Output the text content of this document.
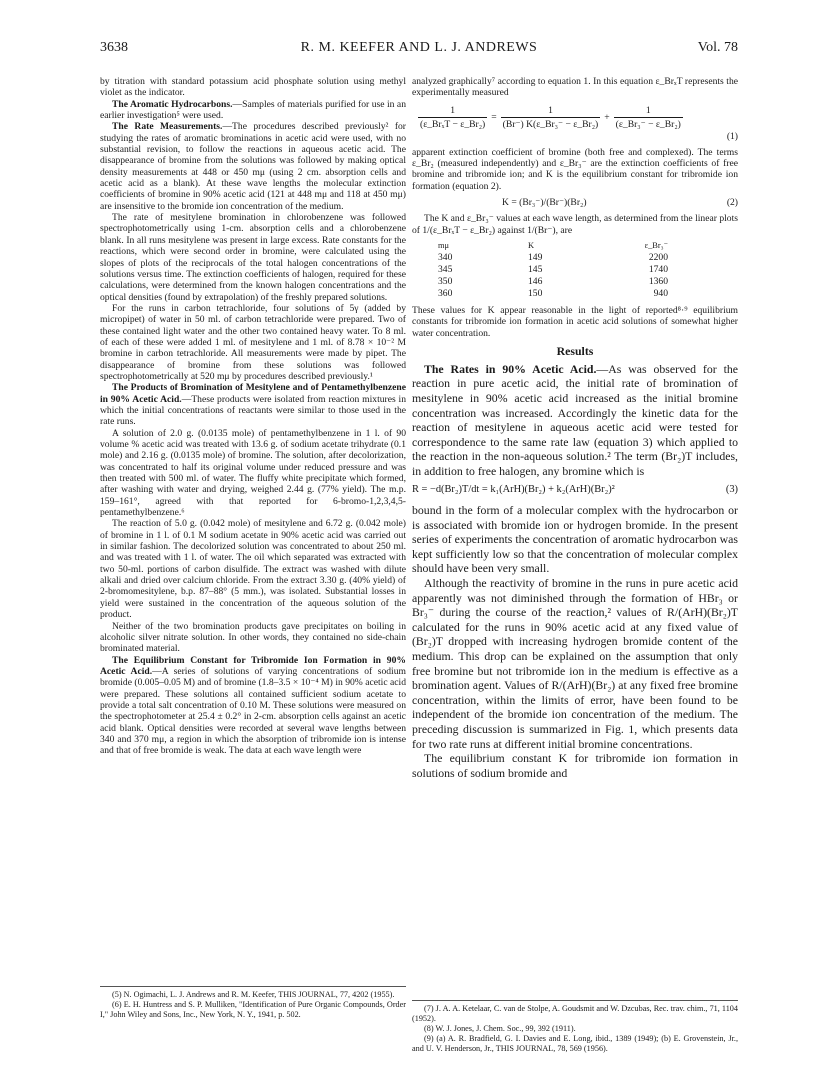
3638	R. M. KEEFER AND L. J. ANDREWS	Vol. 78

by titration with standard potassium acid phosphate solution using methyl violet as the indicator.

The Aromatic Hydrocarbons.—Samples of materials purified for use in an earlier investigation⁵ were used.

The Rate Measurements.—The procedures described previously² for studying the rates of aromatic brominations in acetic acid were used, with no substantial revision, to follow the reactions in aqueous acetic acid. The disappearance of bromine from the solutions was followed by making optical density measurements at 448 or 450 mμ (using 2 cm. absorption cells and acetic acid as a blank). At these wave lengths the molecular extinction coefficients of bromine in 90% acetic acid (121 at 448 mμ and 118 at 450 mμ) are insensitive to the bromide ion concentration of the medium.

The rate of mesitylene bromination in chlorobenzene was followed spectrophotometrically using 1-cm. absorption cells and a chlorobenzene blank. In all runs mesitylene was present in large excess. Rate constants for the reactions, which were second order in bromine, were calculated using the slopes of plots of the reciprocals of the total halogen concentrations of the solutions versus time. The extinction coefficients of halogen, required for these calculations, were determined from the known halogen concentrations and the optical densities (found by extrapolation) of the freshly prepared solutions.

For the runs in carbon tetrachloride, four solutions of 5γ (added by micropipet) of water in 50 ml. of carbon tetrachloride were prepared. Two of these contained light water and the other two contained heavy water. To 8 ml. of each of these were added 1 ml. of mesitylene and 1 ml. of 8.78 × 10⁻² M bromine in carbon tetrachloride. All measurements were made by pipet. The disappearance of bromine from these solutions was followed spectrophotometrically at 520 mμ by procedures described previously.¹

The Products of Bromination of Mesitylene and of Pentamethylbenzene in 90% Acetic Acid.—These products were isolated from reaction mixtures in which the initial concentrations of reactants were similar to those used in the rate runs.

A solution of 2.0 g. (0.0135 mole) of pentamethylbenzene in 1 l. of 90 volume % acetic acid was treated with 13.6 g. of sodium acetate trihydrate (0.1 mole) and 2.16 g. (0.0135 mole) of bromine. The solution, after decolorization, was concentrated to half its original volume under reduced pressure and was then treated with 500 ml. of water. The fluffy white precipitate which formed, after washing with water and drying, weighed 2.44 g. (77% yield). The m.p. 159–161°, agreed with that reported for 6-bromo-1,2,3,4,5-pentamethylbenzene.⁶

The reaction of 5.0 g. (0.042 mole) of mesitylene and 6.72 g. (0.042 mole) of bromine in 1 l. of 0.1 M sodium acetate in 90% acetic acid was carried out in similar fashion. The decolorized solution was concentrated to about 250 ml. and was treated with 1 l. of water. The oil which separated was extracted with two 50-ml. portions of carbon disulfide. The extract was washed with dilute alkali and dried over calcium chloride. From the extract 3.30 g. (40% yield) of 2-bromomesitylene, b.p. 87–88° (5 mm.), was isolated. Substantial losses in yield were sustained in the concentration of the aqueous solution of the product.

Neither of the two bromination products gave precipitates on boiling in alcoholic silver nitrate solution. In other words, they contained no side-chain brominated material.

The Equilibrium Constant for Tribromide Ion Formation in 90% Acetic Acid.—A series of solutions of varying concentrations of sodium bromide (0.005–0.05 M) and of bromine (1.8–3.5 × 10⁻⁴ M) in 90% acetic acid were prepared. These solutions all contained sufficient sodium acetate to provide a total salt concentration of 0.10 M. These solutions were measured on the spectrophotometer at 25.4 ± 0.2° in 2-cm. absorption cells against an acetic acid blank. Optical densities were recorded at several wave lengths between 340 and 370 mμ, a region in which the absorption of tribromide ion is intense and that of free bromide is weak. The data at each wave length were

analyzed graphically⁷ according to equation 1. In this equation ε_BrₓT represents the experimentally measured

$\frac{1}{\text{(ε\_BrₓT − ε\_Br₂)}} = \frac{1}{\text{(Br⁻) K(ε\_Br₃⁻ − ε\_Br₂)}} + \frac{1}{\text{(ε\_Br₃⁻ − ε\_Br₂)}}$
(1)

apparent extinction coefficient of bromine (both free and complexed). The terms ε_Br₂ (measured independently) and ε_Br₃⁻ are the extinction coefficients of free bromine and tribromide ion; and K is the equilibrium constant for tribromide ion formation (equation 2).

K = (Br₃⁻)/(Br⁻)(Br₂)	(2)

The K and ε_Br₃⁻ values at each wave length, as determined from the linear plots of 1/(ε_BrₓT − ε_Br₂) against 1/(Br⁻), are

mμ	K	ε_Br₃⁻
340	149	2200
345	145	1740
350	146	1360
360	150	940

These values for K appear reasonable in the light of reported⁸·⁹ equilibrium constants for tribromide ion formation in acetic acid solutions of somewhat higher water concentration.

Results

The Rates in 90% Acetic Acid.—As was observed for the reaction in pure acetic acid, the initial rate of bromination of mesitylene in 90% acetic acid increased as the initial bromine concentration was increased. Accordingly the kinetic data for the reaction of mesitylene in aqueous acetic acid were tested for correspondence to the same rate law (equation 3) which applied to the reaction in the non-aqueous solution.² The term (Br₂)T includes, in addition to free halogen, any bromine which is

R = −d(Br₂)T/dt = k₁(ArH)(Br₂) + k₂(ArH)(Br₂)²	(3)

bound in the form of a molecular complex with the hydrocarbon or is associated with bromide ion or hydrogen bromide. In the present series of experiments the concentration of aromatic hydrocarbon was kept sufficiently low so that the concentration of molecular complex should have been very small.

Although the reactivity of bromine in the runs in pure acetic acid apparently was not diminished through the formation of HBr₃ or Br₃⁻ during the course of the reaction,² values of R/(ArH)(Br₂)T calculated for the runs in 90% acetic acid at any fixed value of (Br₂)T dropped with increasing hydrogen bromide content of the medium. This drop can be explained on the assumption that only free bromine but not tribromide ion in the medium is effective as a bromination agent. Values of R/(ArH)(Br₂) at any fixed free bromine concentration, within the limits of error, have been found to be independent of the bromide ion concentration of the medium. The preceding discussion is summarized in Fig. 1, which presents data for two rate runs at different initial bromine concentrations.

The equilibrium constant K for tribromide ion formation in solutions of sodium bromide and

(5) N. Ogimachi, L. J. Andrews and R. M. Keefer, THIS JOURNAL, 77, 4202 (1955).

(6) E. H. Huntress and S. P. Mulliken, "Identification of Pure Organic Compounds, Order I," John Wiley and Sons, Inc., New York, N. Y., 1941, p. 502.

(7) J. A. A. Ketelaar, C. van de Stolpe, A. Goudsmit and W. Dzcubas, Rec. trav. chim., 71, 1104 (1952).

(8) W. J. Jones, J. Chem. Soc., 99, 392 (1911).

(9) (a) A. R. Bradfield, G. I. Davies and E. Long, ibid., 1389 (1949); (b) E. Grovenstein, Jr., and U. V. Henderson, Jr., THIS JOURNAL, 78, 569 (1956).
